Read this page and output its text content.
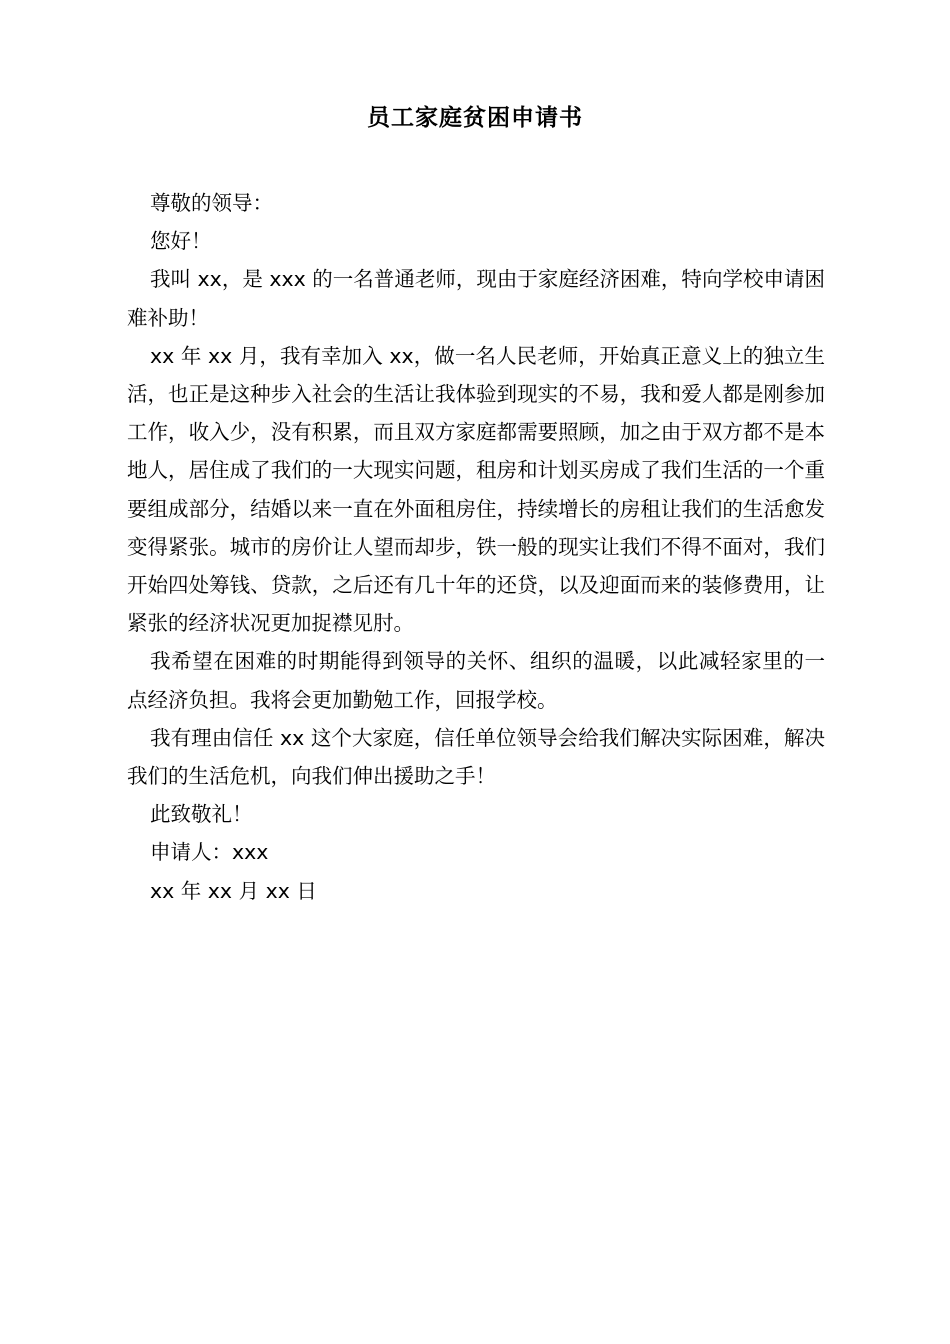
员工家庭贫困申请书

尊敬的领导：

您好！

我叫 xx，是 xxx 的一名普通老师，现由于家庭经济困难，特向学校申请困难补助！

xx 年 xx 月，我有幸加入 xx，做一名人民老师，开始真正意义上的独立生活，也正是这种步入社会的生活让我体验到现实的不易，我和爱人都是刚参加工作，收入少，没有积累，而且双方家庭都需要照顾，加之由于双方都不是本地人，居住成了我们的一大现实问题，租房和计划买房成了我们生活的一个重要组成部分，结婚以来一直在外面租房住，持续增长的房租让我们的生活愈发变得紧张。城市的房价让人望而却步，铁一般的现实让我们不得不面对，我们开始四处筹钱、贷款，之后还有几十年的还贷，以及迎面而来的装修费用，让紧张的经济状况更加捉襟见肘。

我希望在困难的时期能得到领导的关怀、组织的温暖，以此减轻家里的一点经济负担。我将会更加勤勉工作，回报学校。

我有理由信任 xx 这个大家庭，信任单位领导会给我们解决实际困难，解决我们的生活危机，向我们伸出援助之手！

此致敬礼！

申请人：xxx

xx 年 xx 月 xx 日
